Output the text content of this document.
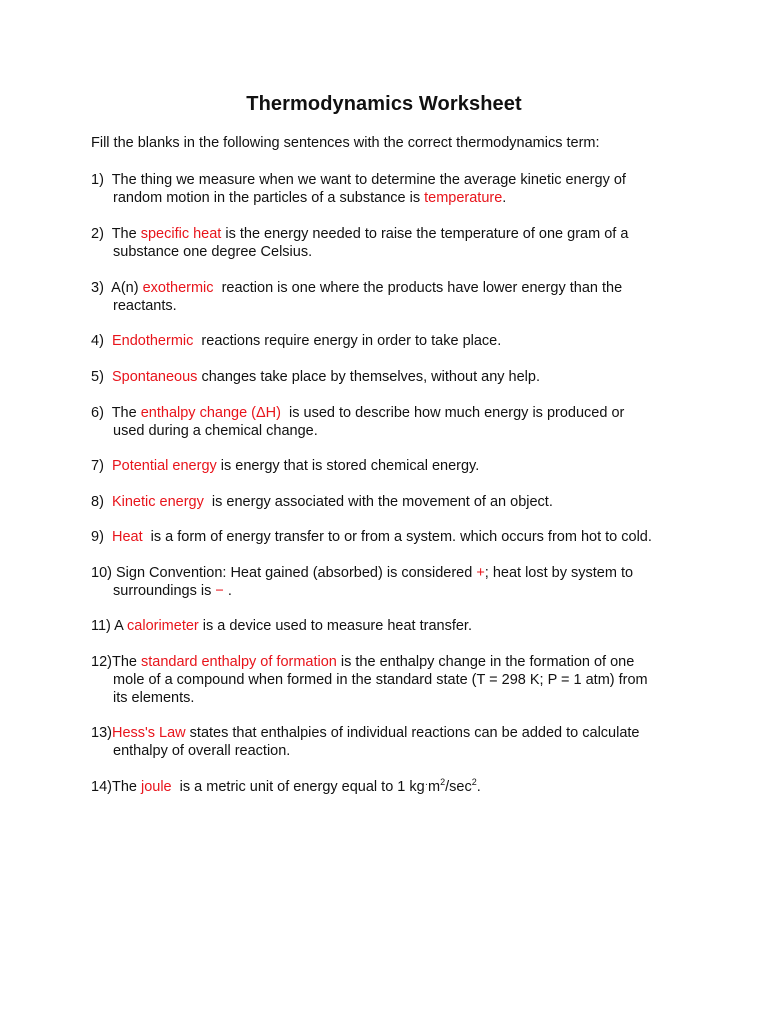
Thermodynamics Worksheet
Fill the blanks in the following sentences with the correct thermodynamics term:
1) The thing we measure when we want to determine the average kinetic energy of
random motion in the particles of a substance is temperature.
2) The specific heat is the energy needed to raise the temperature of one gram of a
substance one degree Celsius.
3) A(n) exothermic  reaction is one where the products have lower energy than the
reactants.
4) Endothermic  reactions require energy in order to take place.
5) Spontaneous changes take place by themselves, without any help.
6) The enthalpy change (ΔH)  is used to describe how much energy is produced or
used during a chemical change.
7) Potential energy is energy that is stored chemical energy.
8) Kinetic energy  is energy associated with the movement of an object.
9) Heat  is a form of energy transfer to or from a system. which occurs from hot to cold.
10) Sign Convention: Heat gained (absorbed) is considered +; heat lost by system to
surroundings is − .
11) A calorimeter is a device used to measure heat transfer.
12)The standard enthalpy of formation is the enthalpy change in the formation of one
mole of a compound when formed in the standard state (T = 298 K; P = 1 atm) from
its elements.
13)Hess's Law states that enthalpies of individual reactions can be added to calculate
enthalpy of overall reaction.
14)The joule  is a metric unit of energy equal to 1 $kg^\cdot m^2/\sec^2$.
